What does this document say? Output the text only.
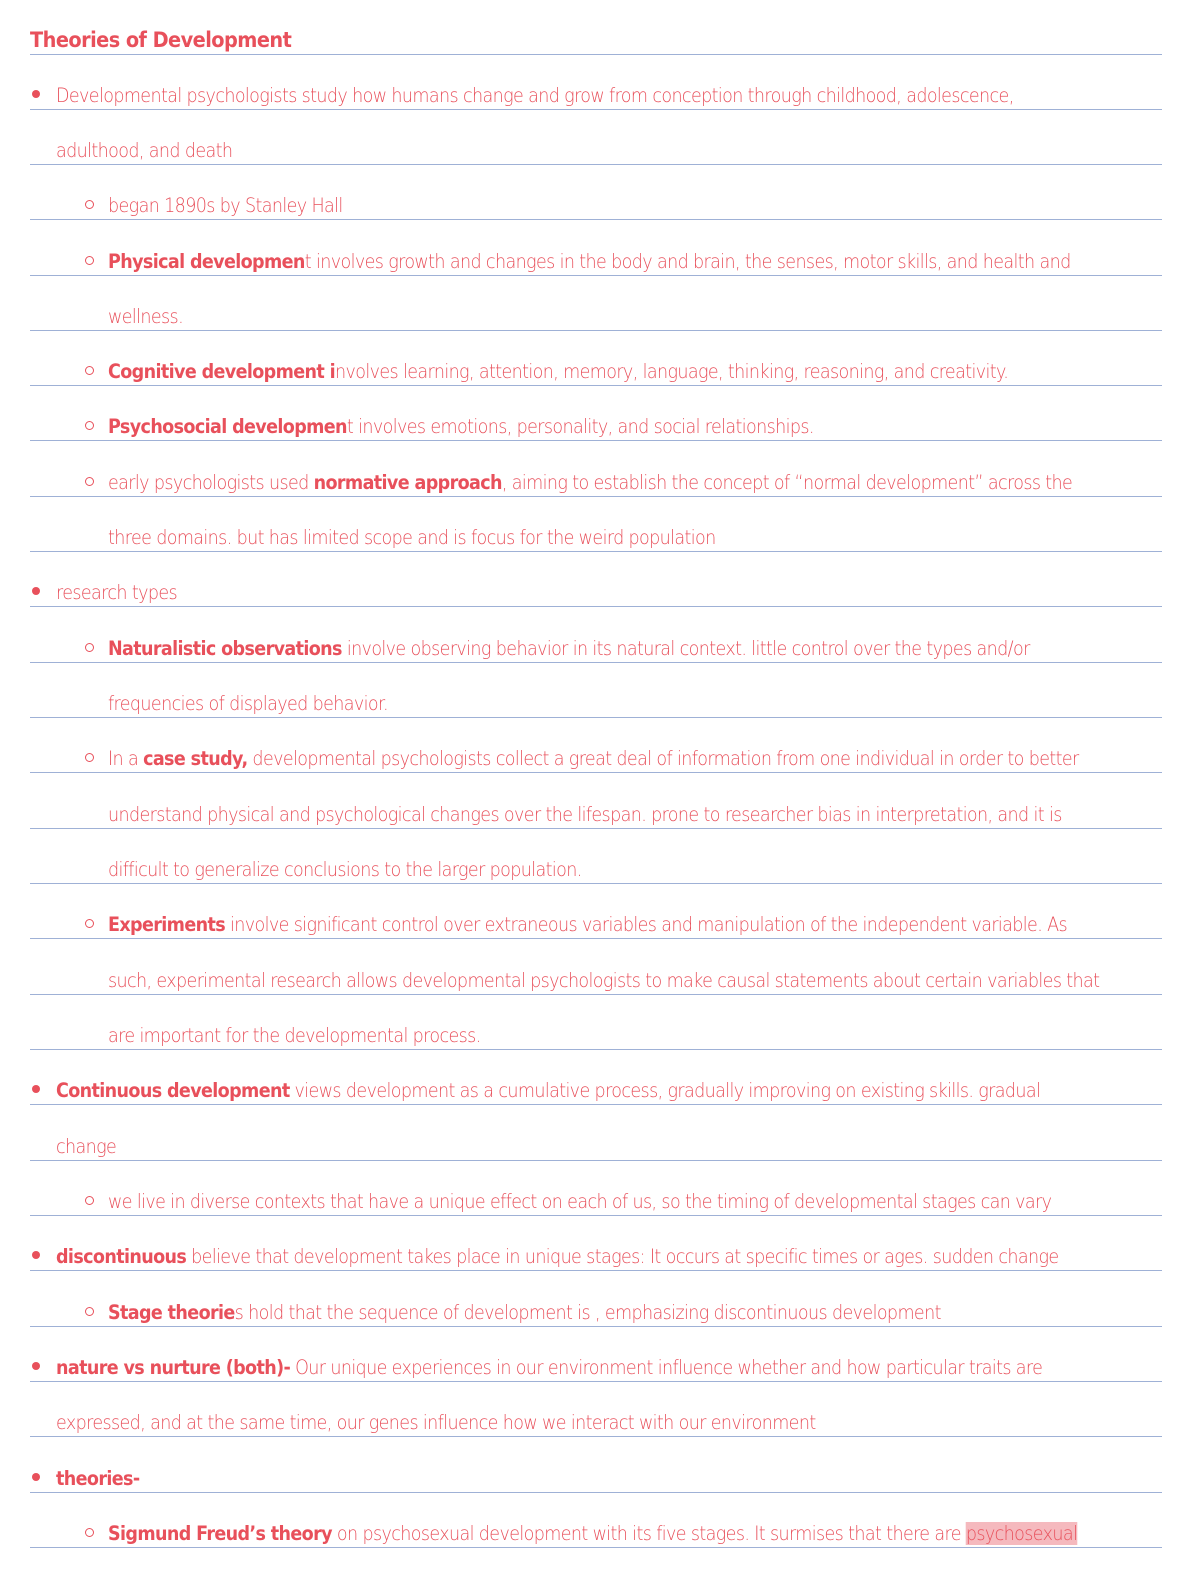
Theories of Development
Developmental psychologists study how humans change and grow from conception through childhood, adolescence,
adulthood, and death
began 1890s by Stanley Hall
Physical development involves growth and changes in the body and brain, the senses, motor skills, and health and
wellness.
Cognitive development involves learning, attention, memory, language, thinking, reasoning, and creativity.
Psychosocial development involves emotions, personality, and social relationships.
early psychologists used normative approach, aiming to establish the concept of “normal development” across the
three domains. but has limited scope and is focus for the weird population
research types
Naturalistic observations involve observing behavior in its natural context. little control over the types and/or
frequencies of displayed behavior.
In a case study, developmental psychologists collect a great deal of information from one individual in order to better
understand physical and psychological changes over the lifespan. prone to researcher bias in interpretation, and it is
difficult to generalize conclusions to the larger population.
Experiments involve significant control over extraneous variables and manipulation of the independent variable. As
such, experimental research allows developmental psychologists to make causal statements about certain variables that
are important for the developmental process.
Continuous development views development as a cumulative process, gradually improving on existing skills. gradual
change
we live in diverse contexts that have a unique effect on each of us, so the timing of developmental stages can vary
discontinuous believe that development takes place in unique stages: It occurs at specific times or ages. sudden change
Stage theories hold that the sequence of development is , emphasizing discontinuous development
nature vs nurture (both)- Our unique experiences in our environment influence whether and how particular traits are
expressed, and at the same time, our genes influence how we interact with our environment
theories-
Sigmund Freud’s theory on psychosexual development with its five stages. It surmises that there are psychosexual
